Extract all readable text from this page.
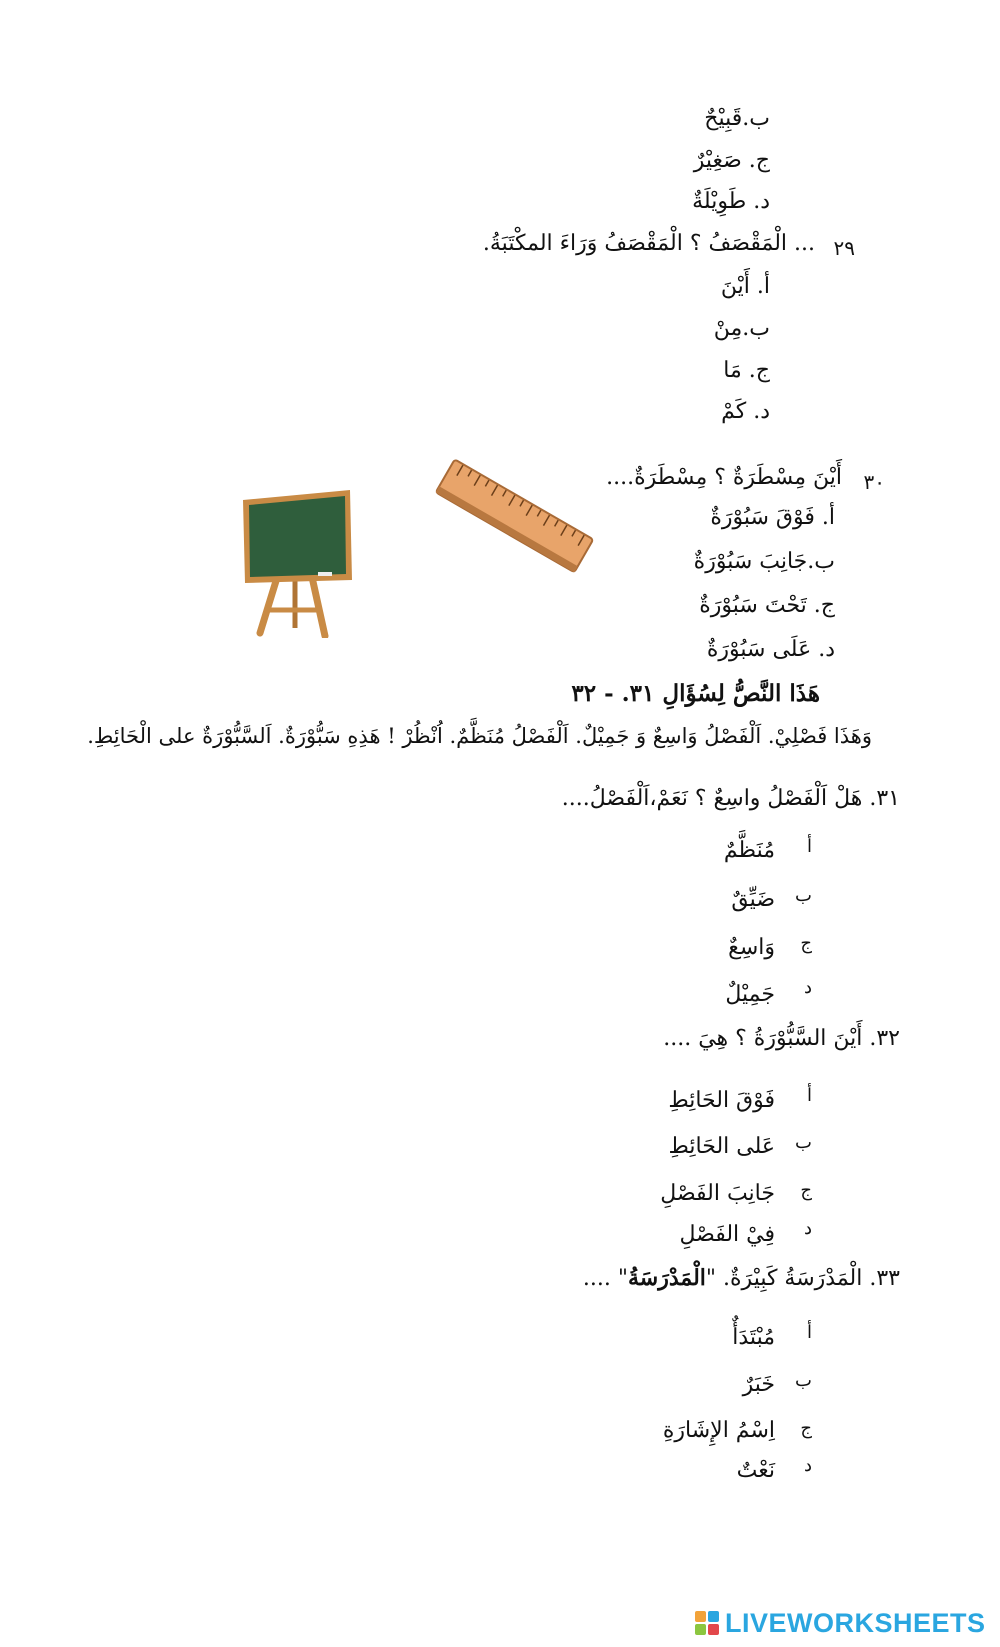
ب.قَبِيْحٌ
ج. صَغِيْرٌ
د. طَوِيْلَةٌ
٢٩
... الْمَقْصَفُ ؟ الْمَقْصَفُ وَرَاءَ المكْتَبَةُ.
أ. أَيْنَ
ب.مِنْ
ج. مَا
د. كَمْ
٣٠
أَيْنَ مِسْطَرَةٌ ؟ مِسْطَرَةٌ....
أ. فَوْقَ سَبُوْرَةٌ
ب.جَانِبَ سَبُوْرَةٌ
ج. تَحْتَ سَبُوْرَةٌ
د. عَلَى سَبُوْرَةٌ
هَذَا النَّصُّ لِسُؤَالِ ٣١. - ٣٢
وَهَذَا فَصْلِيْ. اَلْفَصْلُ وَاسِعٌ وَ جَمِيْلٌ. اَلْفَصْلُ مُنَظَّمٌ. اُنْظُرْ ! هَذِهِ سَبُّوْرَةٌ. اَلسَّبُّوْرَةٌ على الْحَائِطِ.
٣١. هَلْ اَلْفَصْلُ واسِعٌ ؟ نَعَمْ،اَلْفَصْلُ....
أ
مُنَظَّمٌ
ب
ضَيِّقٌ
ج
وَاسِعٌ
د
جَمِيْلٌ
٣٢. أَيْنَ السَّبُّوْرَةُ ؟ هِيَ ....
أ
فَوْقَ الحَائِطِ
ب
عَلى الحَائِطِ
ج
جَانِبَ الفَصْلِ
د
فِيْ الفَصْلِ
٣٣. الْمَدْرَسَةُ كَبِيْرَةٌ. "الْمَدْرَسَةُ" ....
أ
مُبْتَدَأٌ
ب
خَبَرٌ
ج
اِسْمُ الإِشَارَةِ
د
نَعْتٌ
LIVEWORKSHEETS
